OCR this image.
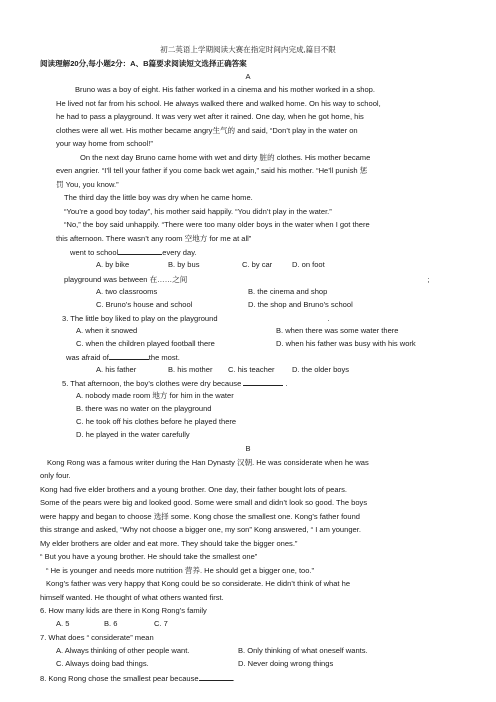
初二英语上学期阅读大赛在指定时间内完成,篇目不限
阅读理解20分,每小题2分：A、B篇要求阅读短文选择正确答案
A
Bruno was a boy of eight. His father worked in a cinema and his mother worked in a shop.
He lived not far from his school. He always walked there and walked home. On his way to school,
he had to pass a playground. It was very wet after it rained. One day, when he got home, his
clothes were all wet. His mother became angry生气的 and said, “Don’t play in the water on
your way home from school!”
On the next day Bruno came home with wet and dirty 脏的 clothes. His mother became
even angrier. “I’ll tell your father if you come back wet again,” said his mother. “He’ll punish 惩
罚 You, you know.”
The third day the little boy was dry when he came home.
“You’re a good boy today”, his mother said happily. “You didn’t play in the water.”
“No,” the boy said unhappily. “There were too many older boys in the water when I got there
this afternoon. There wasn’t any room 空地方 for me at all”
went to school	every day.
A. by bike	B. by bus	C. by car	D. on foot
playground was between 在……之间	;
A. two classrooms	B. the cinema and shop
C. Bruno’s house and school	D. the shop and Bruno’s school
3. The little boy liked to play on the playground	.
A. when it snowed	B. when there was some water there
C. when the children played football there	D. when his father was busy with his work
was afraid of	the most.
A. his father	B. his mother C. his teacher D. the older boys
5. That afternoon, the boy’s clothes were dry because	.
A. nobody made room 地方 for him in the water
B. there was no water on the playground
C. he took off his clothes before he played there
D. he played in the water carefully
B
Kong Rong was a famous writer during the Han Dynasty 汉朝. He was considerate when he was
only four.
Kong had five elder brothers and a young brother. One day, their father bought lots of pears.
Some of the pears were big and looked good. Some were small and didn’t look so good. The boys
were happy and began to choose 选择 some. Kong chose the smallest one. Kong’s father found
this strange and asked, “Why not choose a bigger one, my son” Kong answered, “ I am younger.
My elder brothers are older and eat more. They should take the bigger ones.”
“ But you have a young brother. He should take the smallest one”
“ He is younger and needs more nutrition 营养. He should get a bigger one, too.”
Kong’s father was very happy that Kong could be so considerate. He didn’t think of what he
himself wanted. He thought of what others wanted first.
6. How many kids are there in Kong Rong’s family
A. 5	B. 6	C. 7
7. What does “ considerate” mean
A. Always thinking of other people want.	B. Only thinking of what oneself wants.
C. Always doing bad things.	D. Never doing wrong things
8. Kong Rong chose the smallest pear because	.
